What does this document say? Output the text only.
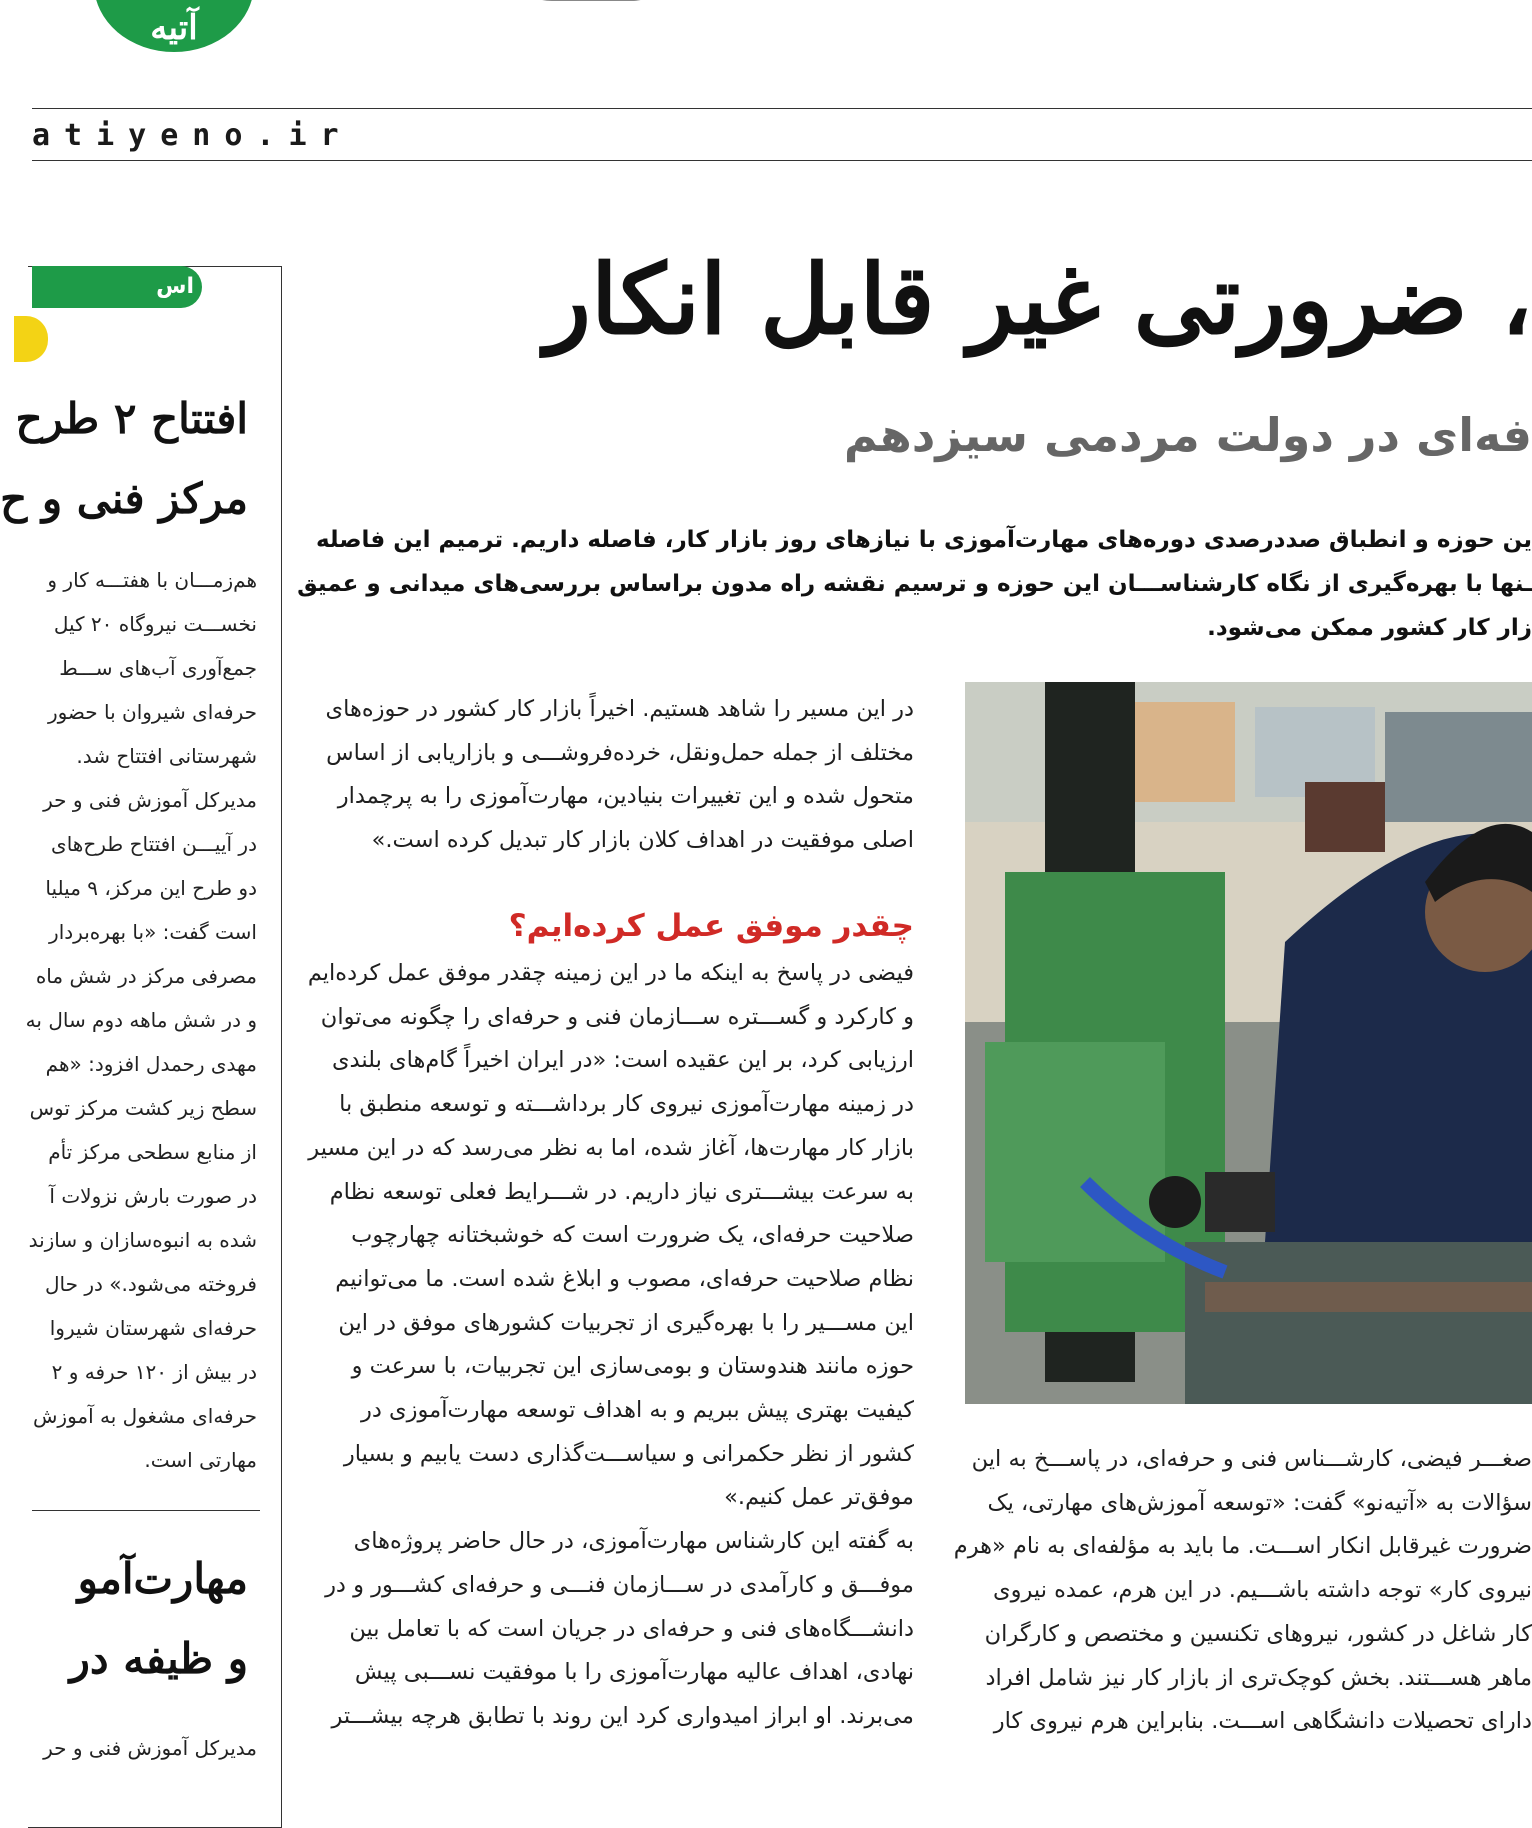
آتیه
atiyeno.ir
اس
افتتاح ۲ طرح
مرکز فنی و ح
هم‌زمـــان با هفتـــه کار و
نخســـت نیروگاه ۲۰ کیل
جمع‌آوری آب‌های ســـط
حرفه‌ای شیروان با حضور
شهرستانی افتتاح شد.
مدیرکل آموزش فنی و حر
در آییـــن افتتاح طرح‌های
دو طرح این مرکز، ۹ میلیا
است گفت: «با بهره‌بردار
مصرفی مرکز در شش ماه
و در شش ماهه دوم سال به
مهدی رحمدل افزود: «هم
سطح زیر کشت مرکز توس
از منابع سطحی مرکز تأم
در صورت بارش نزولات آ
شده به انبوه‌سازان و سازند
فروخته می‌شود.» در حال
حرفه‌ای شهرستان شیروا
در بیش از ۱۲۰ حرفه و ۲
حرفه‌ای مشغول به آموزش
مهارتی است.
مهارت‌آمو
و ظیفه در
مدیرکل آموزش فنی و حر
، ضرورتی غیر قابل انکار
فه‌ای در دولت مردمی سیزدهم
ین حوزه و انطباق صددرصدی دوره‌های مهارت‌آموزی با نیازهای روز بازار کار، فاصله داریم. ترمیم این فاصله
ـنها با بهره‌گیری از نگاه کارشناســـان این حوزه و ترسیم نقشه راه مدون براساس بررسی‌های میدانی و عمیق
زار کار کشور ممکن می‌شود.
در این مسیر را شاهد هستیم. اخیراً بازار کار کشور در حوزه‌های
مختلف از جمله حمل‌ونقل، خرده‌فروشـــی و بازاریابی از اساس
متحول شده و این تغییرات بنیادین، مهارت‌آموزی را به پرچمدار
اصلی موفقیت در اهداف کلان بازار کار تبدیل کرده است.»
چقدر موفق عمل کرده‌ایم؟
فیضی در پاسخ به اینکه ما در این زمینه چقدر موفق عمل کرده‌ایم
و کارکرد و گســـتره ســـازمان فنی و حرفه‌ای را چگونه می‌توان
ارزیابی کرد، بر این عقیده است: «در ایران اخیراً گام‌های بلندی
در زمینه مهارت‌آموزی نیروی کار برداشـــته و توسعه منطبق با
بازار کار مهارت‌ها، آغاز شده، اما به نظر می‌رسد که در این مسیر
به سرعت بیشـــتری نیاز داریم. در شـــرایط فعلی توسعه نظام
صلاحیت حرفه‌ای، یک ضرورت است که خوشبختانه چهارچوب
نظام صلاحیت حرفه‌ای، مصوب و ابلاغ شده است. ما می‌توانیم
این مســـیر را با بهره‌گیری از تجربیات کشورهای موفق در این
حوزه مانند هندوستان و بومی‌سازی این تجربیات، با سرعت و
کیفیت بهتری پیش ببریم و به اهداف توسعه مهارت‌آموزی در
کشور از نظر حکمرانی و سیاســـت‌گذاری دست یابیم و بسیار
موفق‌تر عمل کنیم.»
به گفته این کارشناس مهارت‌آموزی، در حال حاضر پروژه‌های
موفـــق و کارآمدی در ســـازمان فنـــی و حرفه‌ای کشـــور و در
دانشـــگاه‌های فنی و حرفه‌ای در جریان است که با تعامل بین
نهادی، اهداف عالیه مهارت‌آموزی را با موفقیت نســـبی پیش
می‌برند. او ابراز امیدواری کرد این روند با تطابق هرچه بیشـــتر
صغـــر فیضی، کارشـــناس فنی و حرفه‌ای، در پاســـخ به این
سؤالات به «آتیه‌نو» گفت: «توسعه آموزش‌های مهارتی، یک
ضرورت غیرقابل انکار اســـت. ما باید به مؤلفه‌ای به نام «هرم
نیروی کار» توجه داشته باشـــیم. در این هرم، عمده نیروی
کار شاغل در کشور، نیروهای تکنسین و مختصص و کارگران
ماهر هســـتند. بخش کوچک‌تری از بازار کار نیز شامل افراد
دارای تحصیلات دانشگاهی اســـت. بنابراین هرم نیروی کار
